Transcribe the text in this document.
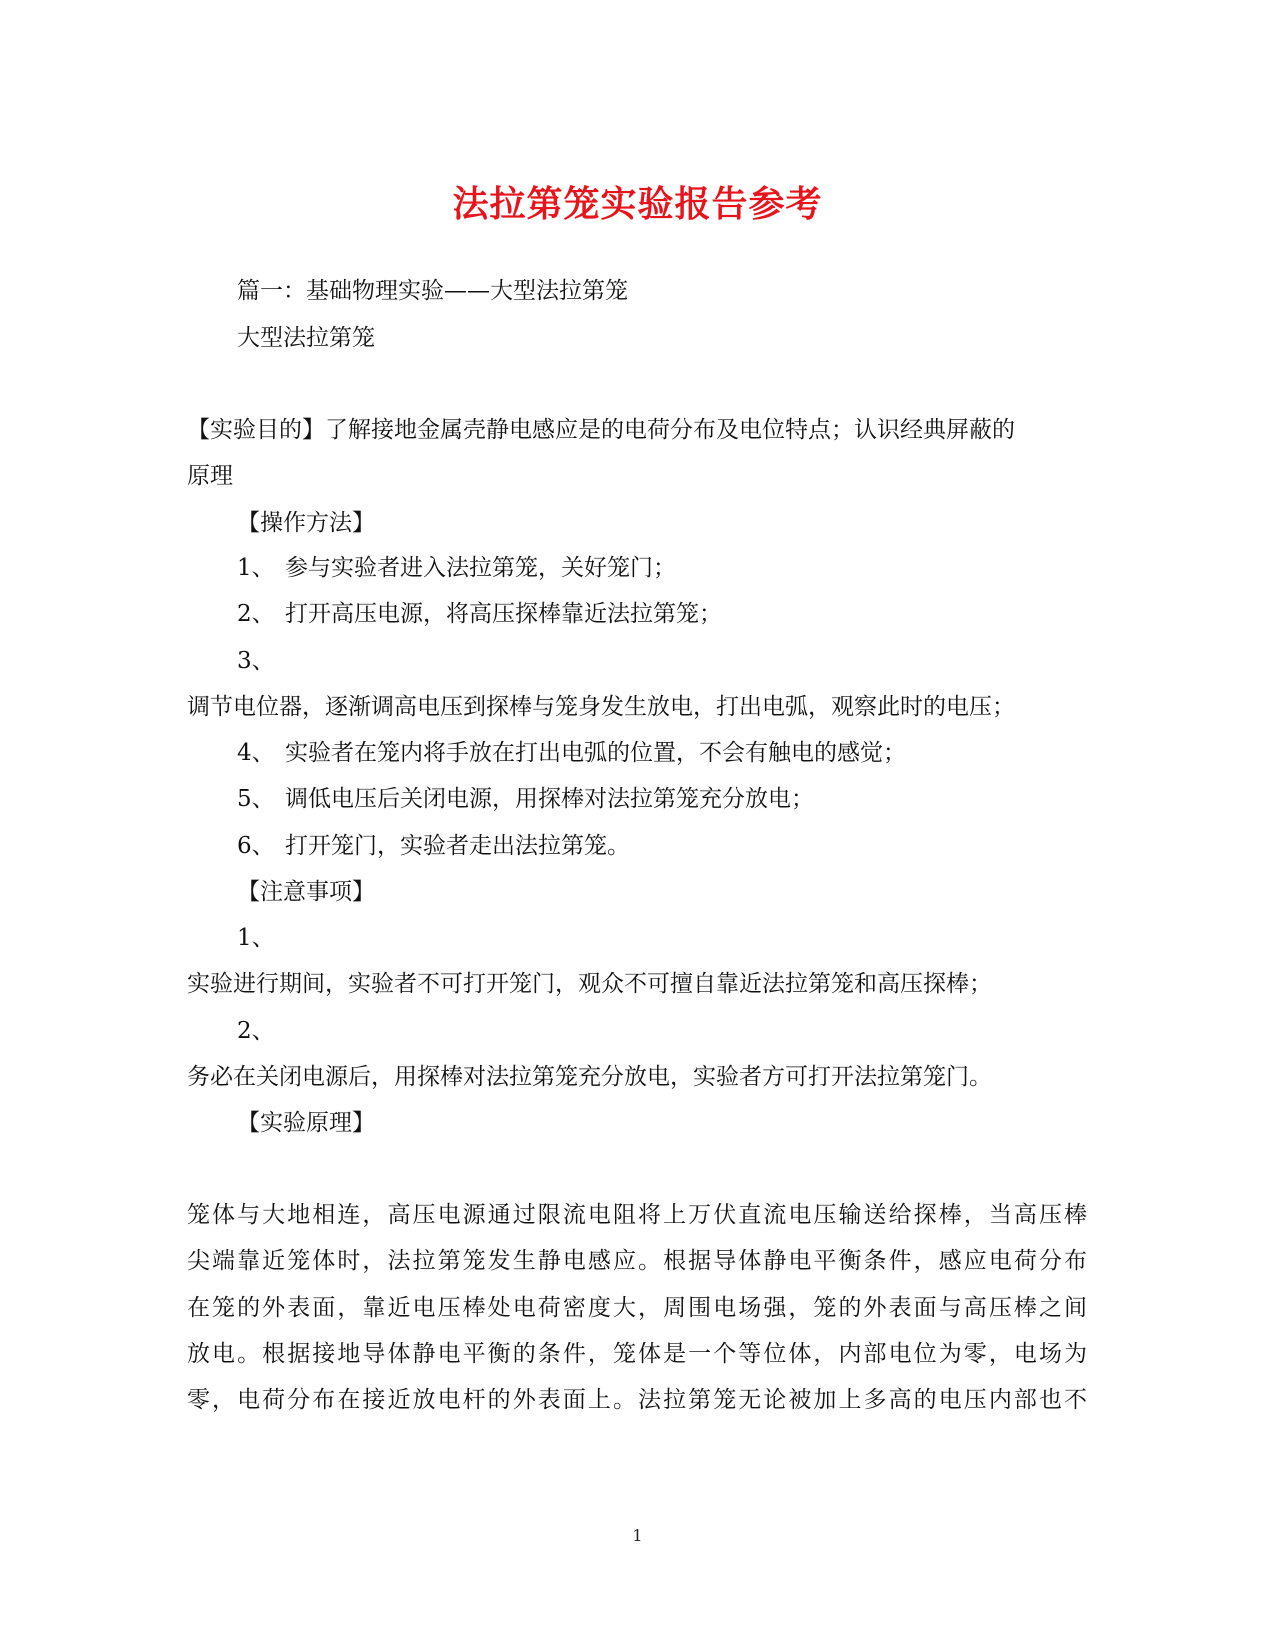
法拉第笼实验报告参考
篇一：基础物理实验——大型法拉第笼
大型法拉第笼
【实验目的】了解接地金属壳静电感应是的电荷分布及电位特点；认识经典屏蔽的
原理
【操作方法】
1、 参与实验者进入法拉第笼，关好笼门；
2、 打开高压电源，将高压探棒靠近法拉第笼；
3、
调节电位器，逐渐调高电压到探棒与笼身发生放电，打出电弧，观察此时的电压；
4、 实验者在笼内将手放在打出电弧的位置，不会有触电的感觉；
5、 调低电压后关闭电源，用探棒对法拉第笼充分放电；
6、 打开笼门，实验者走出法拉第笼。
【注意事项】
1、
实验进行期间，实验者不可打开笼门，观众不可擅自靠近法拉第笼和高压探棒；
2、
务必在关闭电源后，用探棒对法拉第笼充分放电，实验者方可打开法拉第笼门。
【实验原理】
笼体与大地相连，高压电源通过限流电阻将上万伏直流电压输送给探棒，当高压棒
尖端靠近笼体时，法拉第笼发生静电感应。根据导体静电平衡条件，感应电荷分布
在笼的外表面，靠近电压棒处电荷密度大，周围电场强，笼的外表面与高压棒之间
放电。根据接地导体静电平衡的条件，笼体是一个等位体，内部电位为零，电场为
零，电荷分布在接近放电杆的外表面上。法拉第笼无论被加上多高的电压内部也不
1
